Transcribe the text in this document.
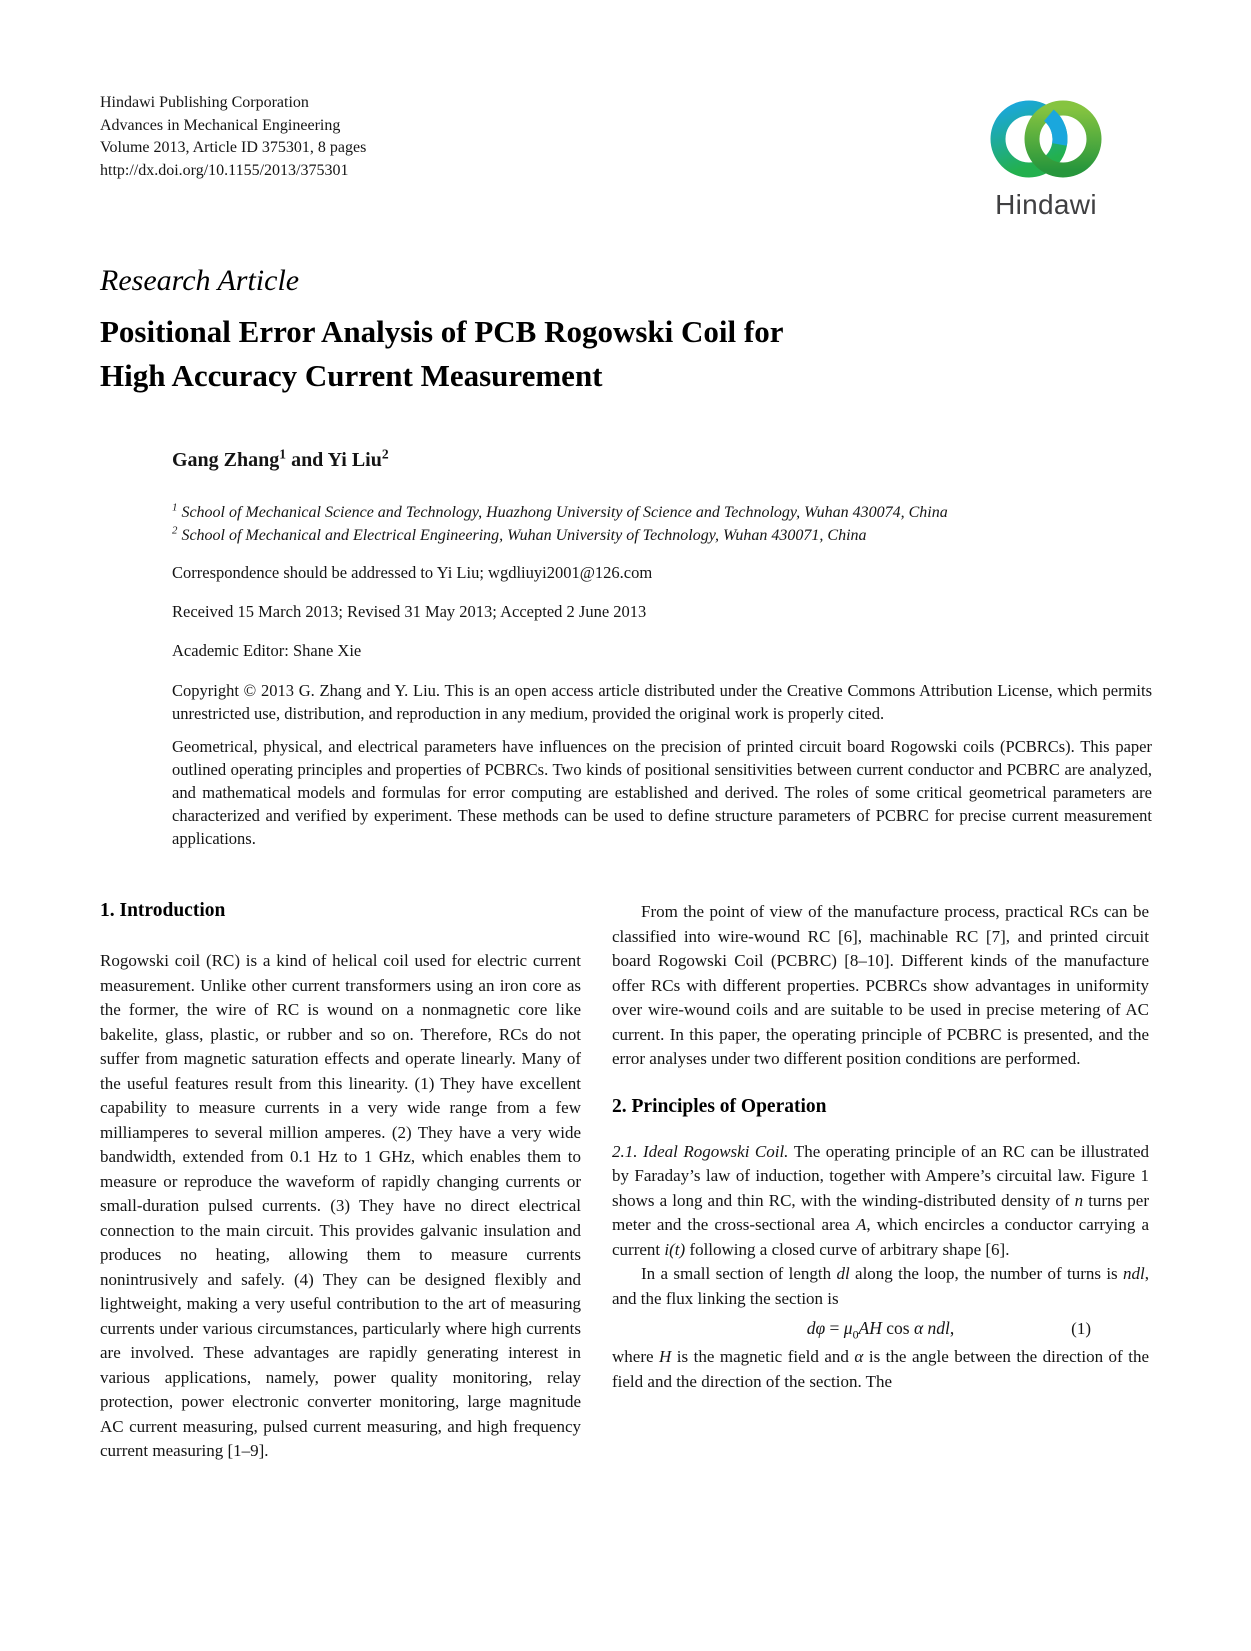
Hindawi Publishing Corporation
Advances in Mechanical Engineering
Volume 2013, Article ID 375301, 8 pages
http://dx.doi.org/10.1155/2013/375301
Hindawi
Research Article
Positional Error Analysis of PCB Rogowski Coil for
High Accuracy Current Measurement
Gang Zhang$^1$ and Yi Liu$^2$
$^1$ School of Mechanical Science and Technology, Huazhong University of Science and Technology, Wuhan 430074, China
$^2$ School of Mechanical and Electrical Engineering, Wuhan University of Technology, Wuhan 430071, China
Correspondence should be addressed to Yi Liu; wgdliuyi2001@126.com
Received 15 March 2013; Revised 31 May 2013; Accepted 2 June 2013
Academic Editor: Shane Xie
Copyright © 2013 G. Zhang and Y. Liu. This is an open access article distributed under the Creative Commons Attribution License, which permits unrestricted use, distribution, and reproduction in any medium, provided the original work is properly cited.
Geometrical, physical, and electrical parameters have influences on the precision of printed circuit board Rogowski coils (PCBRCs). This paper outlined operating principles and properties of PCBRCs. Two kinds of positional sensitivities between current conductor and PCBRC are analyzed, and mathematical models and formulas for error computing are established and derived. The roles of some critical geometrical parameters are characterized and verified by experiment. These methods can be used to define structure parameters of PCBRC for precise current measurement applications.
1. Introduction

Rogowski coil (RC) is a kind of helical coil used for electric current measurement. Unlike other current transformers using an iron core as the former, the wire of RC is wound on a nonmagnetic core like bakelite, glass, plastic, or rubber and so on. Therefore, RCs do not suffer from magnetic saturation effects and operate linearly. Many of the useful features result from this linearity. (1) They have excellent capability to measure currents in a very wide range from a few milliamperes to several million amperes. (2) They have a very wide bandwidth, extended from 0.1 Hz to 1 GHz, which enables them to measure or reproduce the waveform of rapidly changing currents or small-duration pulsed currents. (3) They have no direct electrical connection to the main circuit. This provides galvanic insulation and produces no heating, allowing them to measure currents nonintrusively and safely. (4) They can be designed flexibly and lightweight, making a very useful contribution to the art of measuring currents under various circumstances, particularly where high currents are involved. These advantages are rapidly generating interest in various applications, namely, power quality monitoring, relay protection, power electronic converter monitoring, large magnitude AC current measuring, pulsed current measuring, and high frequency current measuring [1–9].

From the point of view of the manufacture process, practical RCs can be classified into wire-wound RC [6], machinable RC [7], and printed circuit board Rogowski Coil (PCBRC) [8–10]. Different kinds of the manufacture offer RCs with different properties. PCBRCs show advantages in uniformity over wire-wound coils and are suitable to be used in precise metering of AC current. In this paper, the operating principle of PCBRC is presented, and the error analyses under two different position conditions are performed.

2. Principles of Operation

2.1. Ideal Rogowski Coil. The operating principle of an RC can be illustrated by Faraday’s law of induction, together with Ampere’s circuital law. Figure 1 shows a long and thin RC, with the winding-distributed density of n turns per meter and the cross-sectional area A, which encircles a conductor carrying a current i(t) following a closed curve of arbitrary shape [6].

In a small section of length dl along the loop, the number of turns is ndl, and the flux linking the section is

$d\varphi = \mu_0AH$ cos α ndl,	(1)

where H is the magnetic field and α is the angle between the direction of the field and the direction of the section. The
